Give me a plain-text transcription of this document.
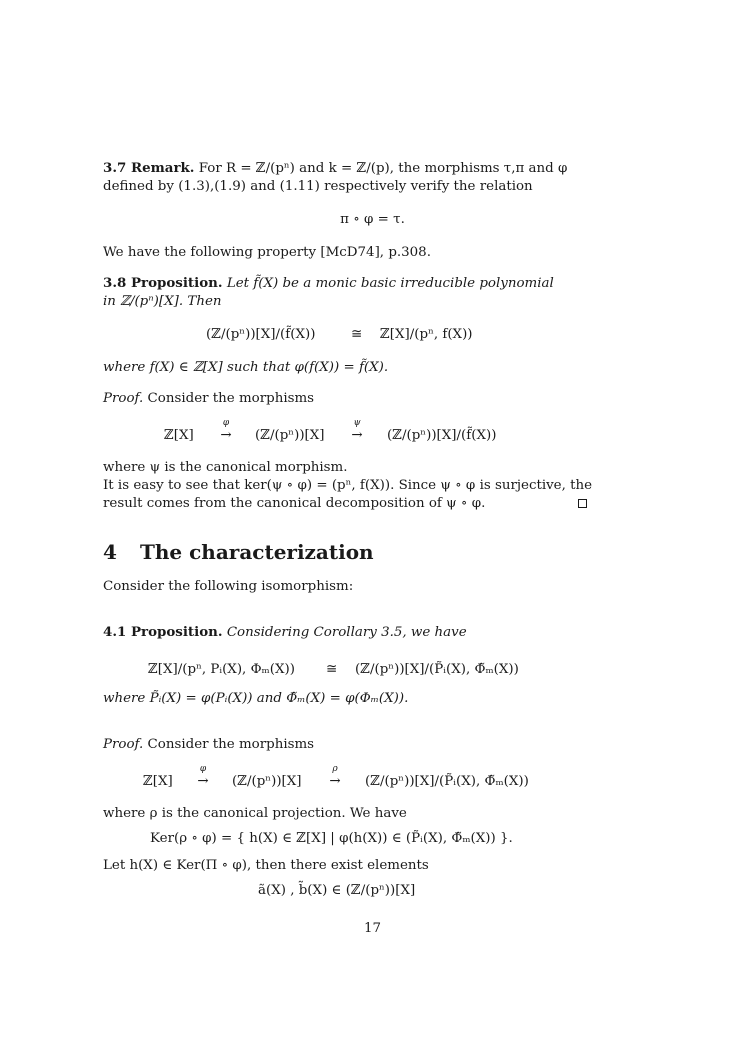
3.7 Remark. For R = ℤ/(pⁿ) and k = ℤ/(p), the morphisms τ,π and φ
defined by (1.3),(1.9) and (1.11) respectively verify the relation
π ∘ φ = τ.
We have the following property [McD74], p.308.
3.8 Proposition. Let f̃(X) be a monic basic irreducible polynomial
in ℤ/(pⁿ)[X]. Then
(ℤ/(pⁿ))[X]/(f̃(X))	≅ ℤ[X]/(pⁿ, f(X))
where f(X) ∈ ℤ[X] such that φ(f(X)) = f̃(X).
Proof. Consider the morphisms
ℤ[X]
φ
→	(ℤ/(pⁿ))[X]
ψ
→	(ℤ/(pⁿ))[X]/(f̃(X))
where ψ is the canonical morphism.
It is easy to see that ker(ψ ∘ φ) = (pⁿ, f(X)). Since ψ ∘ φ is surjective, the
result comes from the canonical decomposition of ψ ∘ φ.
4 The characterization
Consider the following isomorphism:
4.1 Proposition. Considering Corollary 3.5, we have
ℤ[X]/(pⁿ, Pᵢ(X), Φₘ(X)) ≅ (ℤ/(pⁿ))[X]/(P̃ᵢ(X), Φ̃ₘ(X))
where P̃ᵢ(X) = φ(Pᵢ(X)) and Φ̃ₘ(X) = φ(Φₘ(X)).
Proof. Consider the morphisms
ℤ[X]
φ
→	(ℤ/(pⁿ))[X]
ρ
→	(ℤ/(pⁿ))[X]/(P̃ᵢ(X), Φ̃ₘ(X))
where ρ is the canonical projection. We have
Ker(ρ ∘ φ) = { h(X) ∈ ℤ[X] | φ(h(X)) ∈ (P̃ᵢ(X), Φ̃ₘ(X)) }.
Let h(X) ∈ Ker(Π ∘ φ), then there exist elements
ã(X) , b̃(X) ∈ (ℤ/(pⁿ))[X]
17
